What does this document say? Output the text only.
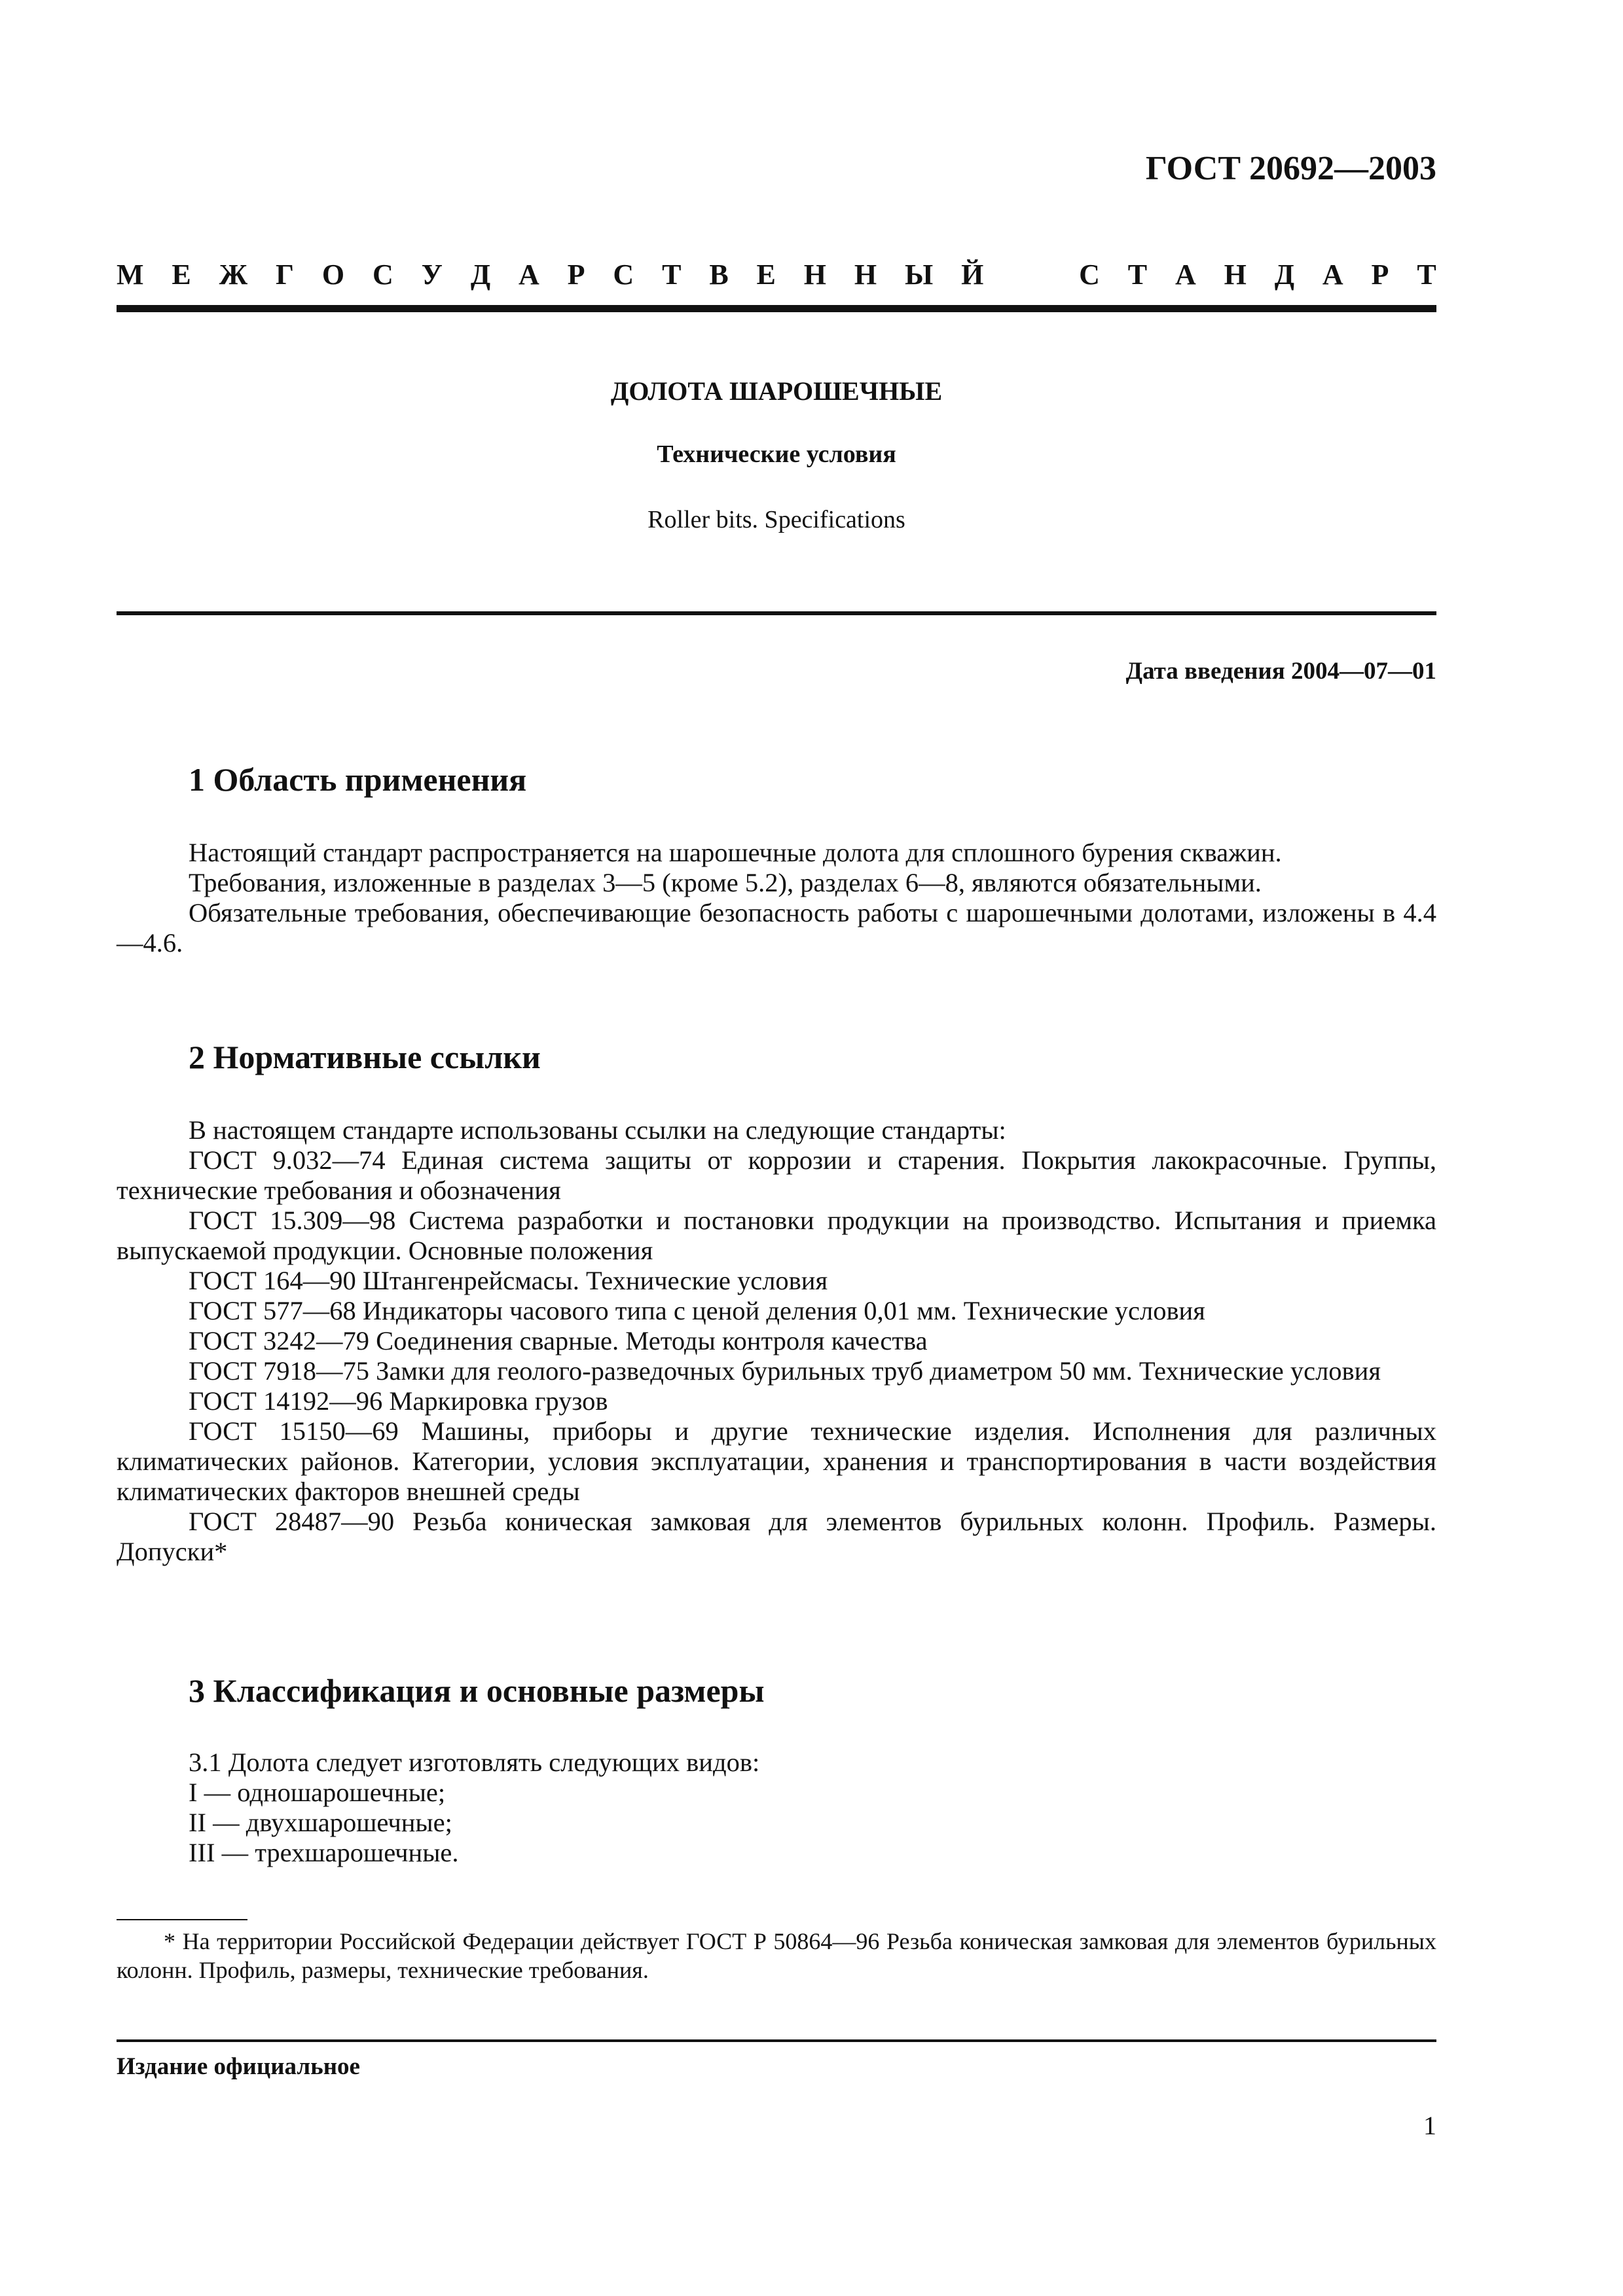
ГОСТ 20692—2003
М Е Ж Г О С У Д А Р С Т В Е Н Н Ы Й	С Т А Н Д А Р Т
ДОЛОТА ШАРОШЕЧНЫЕ
Технические условия
Roller bits. Specifications
Дата введения 2004—07—01
1 Область применения

Настоящий стандарт распространяется на шарошечные долота для сплошного бурения скважин.

Требования, изложенные в разделах 3—5 (кроме 5.2), разделах 6—8, являются обязательными.

Обязательные требования, обеспечивающие безопасность работы с шарошечными долотами, изложены в 4.4—4.6.

2 Нормативные ссылки

В настоящем стандарте использованы ссылки на следующие стандарты:

ГОСТ 9.032—74 Единая система защиты от коррозии и старения. Покрытия лакокрасочные. Группы, технические требования и обозначения

ГОСТ 15.309—98 Система разработки и постановки продукции на производство. Испытания и приемка выпускаемой продукции. Основные положения

ГОСТ 164—90 Штангенрейсмасы. Технические условия

ГОСТ 577—68 Индикаторы часового типа с ценой деления 0,01 мм. Технические условия

ГОСТ 3242—79 Соединения сварные. Методы контроля качества

ГОСТ 7918—75 Замки для геолого-разведочных бурильных труб диаметром 50 мм. Технические условия

ГОСТ 14192—96 Маркировка грузов

ГОСТ 15150—69 Машины, приборы и другие технические изделия. Исполнения для различных климатических районов. Категории, условия эксплуатации, хранения и транспортирования в части воздействия климатических факторов внешней среды

ГОСТ 28487—90 Резьба коническая замковая для элементов бурильных колонн. Профиль. Размеры. Допуски*

3 Классификация и основные размеры

3.1 Долота следует изготовлять следующих видов:

I — одношарошечные;

II — двухшарошечные;

III — трехшарошечные.

* На территории Российской Федерации действует ГОСТ Р 50864—96 Резьба коническая замковая для элементов бурильных колонн. Профиль, размеры, технические требования.

Издание официальное
1
